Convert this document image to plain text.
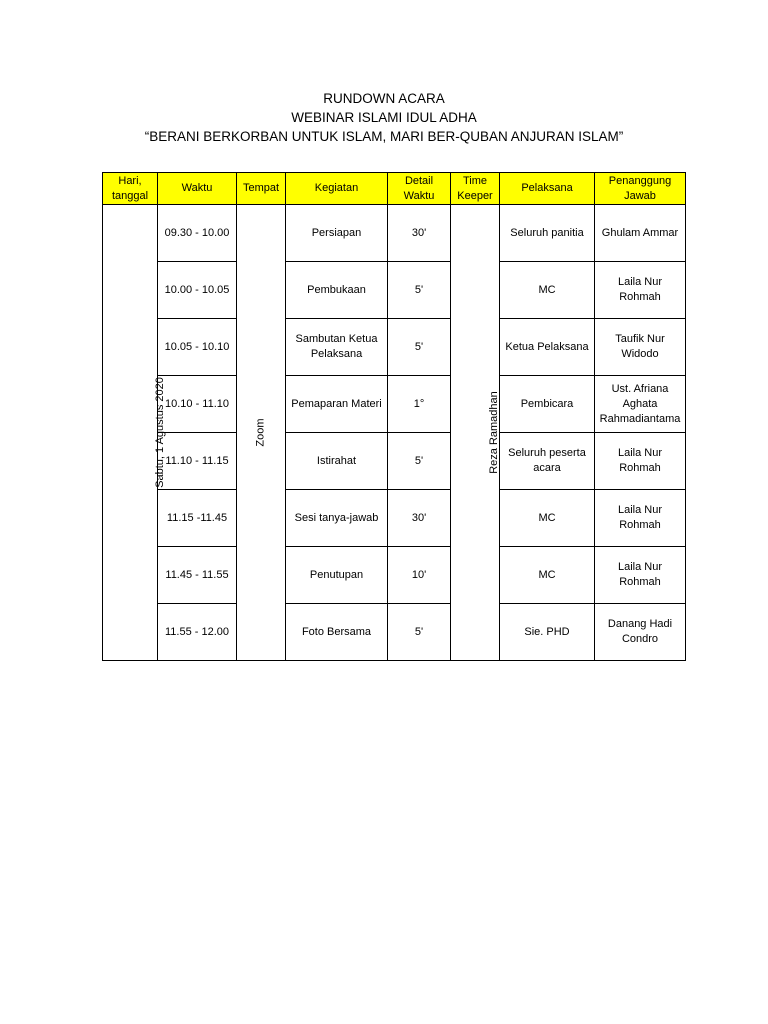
RUNDOWN ACARA
WEBINAR ISLAMI IDUL ADHA
“BERANI BERKORBAN UNTUK ISLAM, MARI BER-QUBAN ANJURAN ISLAM”
Hari, tanggal	Waktu	Tempat	Kegiatan	Detail Waktu	Time Keeper	Pelaksana	Penanggung Jawab
Sabtu, 1 Agustus 2020	09.30 - 10.00	Zoom	Persiapan	30'	Reza Ramadhan	Seluruh panitia	Ghulam Ammar
	10.00 - 10.05		Pembukaan	5'		MC	Laila Nur Rohmah
	10.05 - 10.10		Sambutan Ketua Pelaksana	5'		Ketua Pelaksana	Taufik Nur Widodo
	10.10 - 11.10		Pemaparan Materi	1°		Pembicara	Ust. Afriana Aghata Rahmadiantama
	11.10 - 11.15		Istirahat	5'		Seluruh peserta acara	Laila Nur Rohmah
	11.15 -11.45		Sesi tanya-jawab	30'		MC	Laila Nur Rohmah
	11.45 - 11.55		Penutupan	10'		MC	Laila Nur Rohmah
	11.55 - 12.00		Foto Bersama	5'		Sie. PHD	Danang Hadi Condro
